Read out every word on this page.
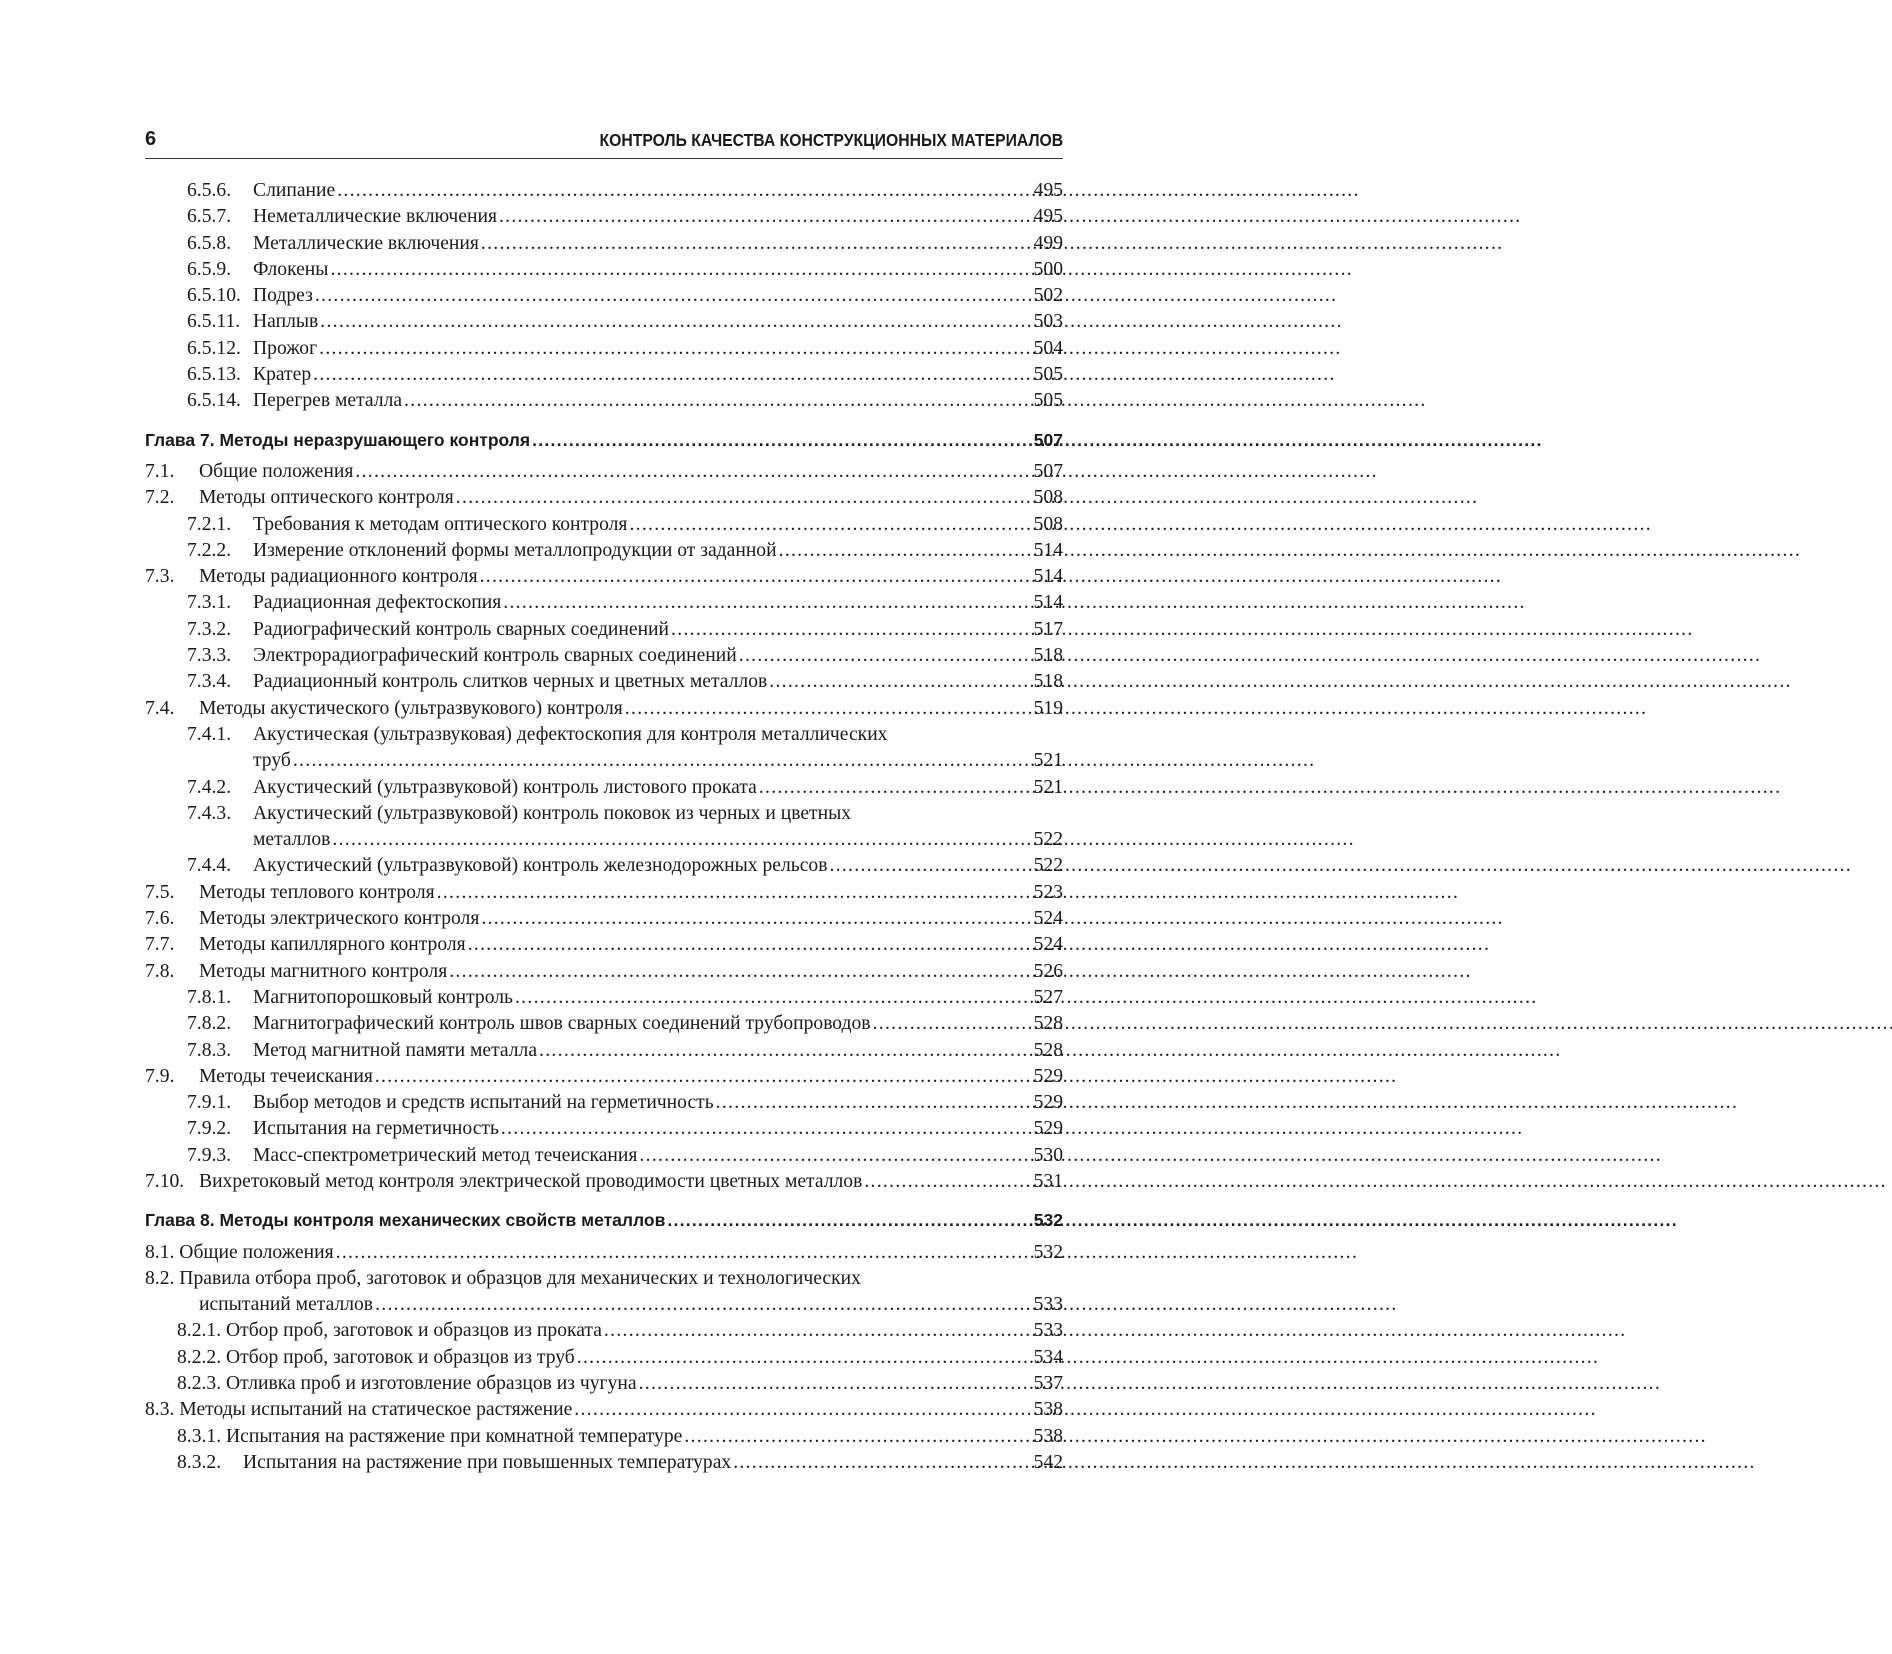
6	КОНТРОЛЬ КАЧЕСТВА КОНСТРУКЦИОННЫХ МАТЕРИАЛОВ
6.5.6. Слипание . . .	495
6.5.7. Неметаллические включения . . .	495
6.5.8. Металлические включения . . .	499
6.5.9. Флокены . . .	500
6.5.10. Подрез . . .	502
6.5.11. Наплыв . . .	503
6.5.12. Прожог . . .	504
6.5.13. Кратер . . .	505
6.5.14. Перегрев металла . . .	505
Глава 7. Методы неразрушающего контроля . . .	507
7.1. Общие положения . . .	507
7.2. Методы оптического контроля . . .	508
7.2.1. Требования к методам оптического контроля . . .	508
7.2.2. Измерение отклонений формы металлопродукции от заданной . . .	514
7.3. Методы радиационного контроля . . .	514
7.3.1. Радиационная дефектоскопия . . .	514
7.3.2. Радиографический контроль сварных соединений . . .	517
7.3.3. Электрорадиографический контроль сварных соединений . . .	518
7.3.4. Радиационный контроль слитков черных и цветных металлов . . .	518
7.4. Методы акустического (ультразвукового) контроля . . .	519
7.4.1. Акустическая (ультразвуковая) дефектоскопия для контроля металлических
труб . . .	521
7.4.2. Акустический (ультразвуковой) контроль листового проката . . .	521
7.4.3. Акустический (ультразвуковой) контроль поковок из черных и цветных
металлов . . .	522
7.4.4. Акустический (ультразвуковой) контроль железнодорожных рельсов . . .	522
7.5. Методы теплового контроля . . .	523
7.6. Методы электрического контроля . . .	524
7.7. Методы капиллярного контроля . . .	524
7.8. Методы магнитного контроля . . .	526
7.8.1. Магнитопорошковый контроль . . .	527
7.8.2. Магнитографический контроль швов сварных соединений трубопроводов . . .	528
7.8.3. Метод магнитной памяти металла . . .	528
7.9. Методы течеискания . . .	529
7.9.1. Выбор методов и средств испытаний на герметичность . . .	529
7.9.2. Испытания на герметичность . . .	529
7.9.3. Масс-спектрометрический метод течеискания . . .	530
7.10. Вихретоковый метод контроля электрической проводимости цветных металлов . . .	531
Глава 8. Методы контроля механических свойств металлов . . .	532
8.1. Общие положения . . .	532
8.2. Правила отбора проб, заготовок и образцов для механических и технологических
испытаний металлов . . .	533
8.2.1. Отбор проб, заготовок и образцов из проката . . .	533
8.2.2. Отбор проб, заготовок и образцов из труб . . .	534
8.2.3. Отливка проб и изготовление образцов из чугуна . . .	537
8.3. Методы испытаний на статическое растяжение . . .	538
8.3.1. Испытания на растяжение при комнатной температуре . . .	538
8.3.2. Испытания на растяжение при повышенных температурах . . .	542
